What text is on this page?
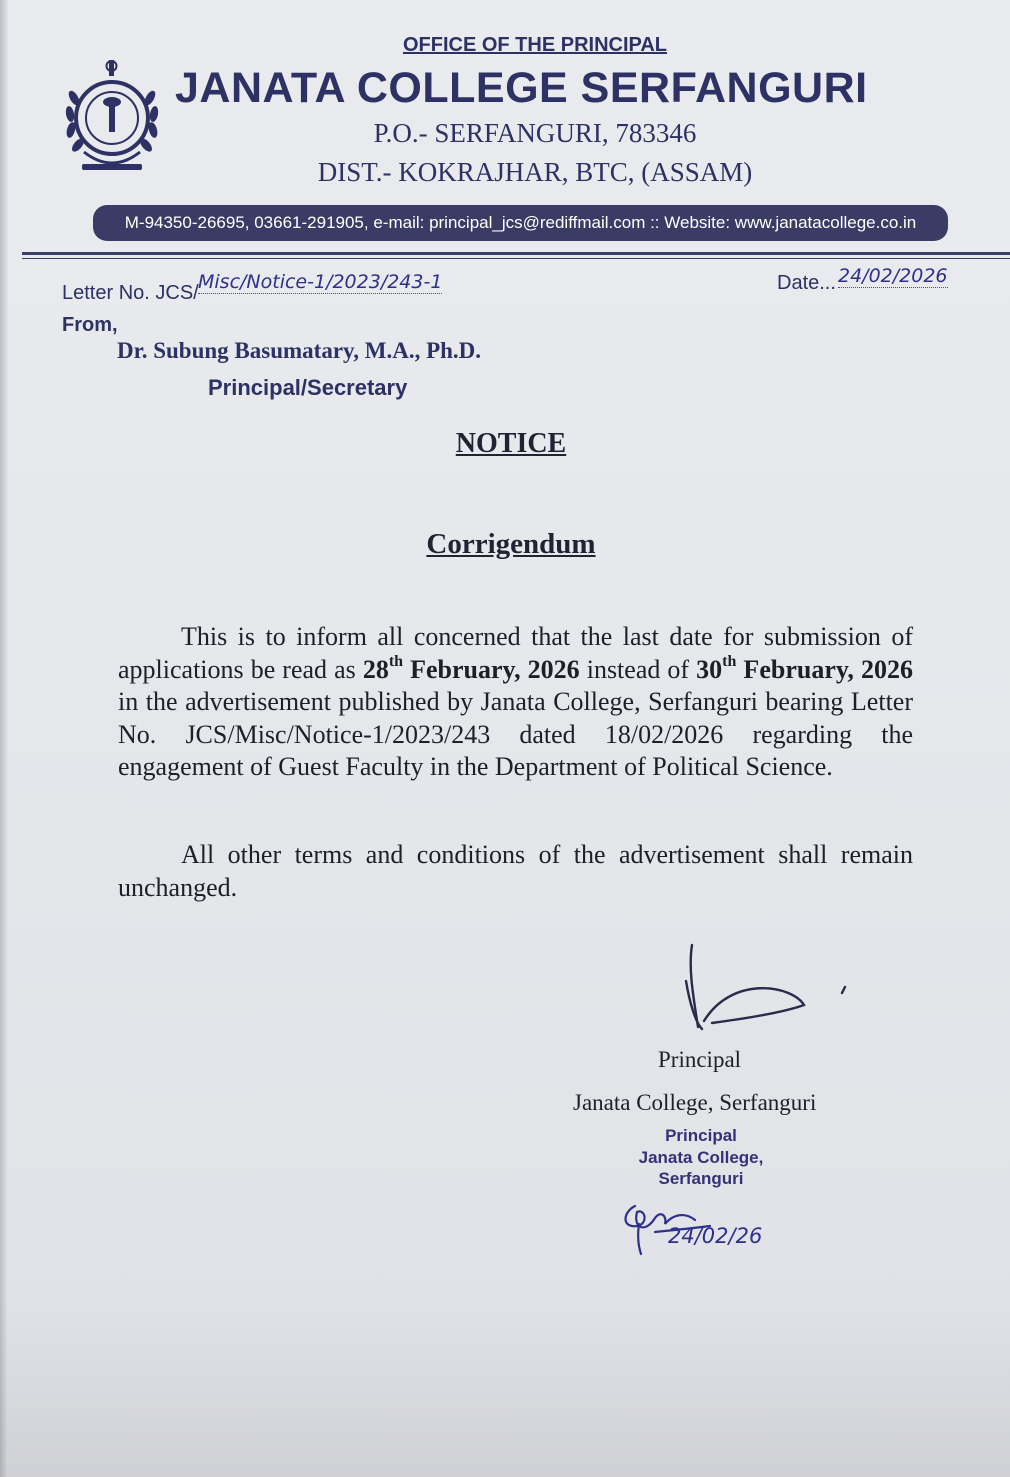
OFFICE OF THE PRINCIPAL
JANATA COLLEGE SERFANGURI
P.O.- SERFANGURI, 783346
DIST.- KOKRAJHAR, BTC, (ASSAM)
M-94350-26695, 03661-291905, e-mail: principal_jcs@rediffmail.com :: Website: www.janatacollege.co.in
Letter No. JCS/ Misc/Notice-1/2023/243-1	Date... 24/02/2026
From,
Dr. Subung Basumatary, M.A., Ph.D.
Principal/Secretary
NOTICE
Corrigendum

This is to inform all concerned that the last date for submission of applications be read as 28th February, 2026 instead of 30th February, 2026 in the advertisement published by Janata College, Serfanguri bearing Letter No. JCS/Misc/Notice-1/2023/243 dated 18/02/2026 regarding the engagement of Guest Faculty in the Department of Political Science.

All other terms and conditions of the advertisement shall remain unchanged.

Principal
Janata College, Serfanguri
Principal
Janata College,
Serfanguri
24/02/26
